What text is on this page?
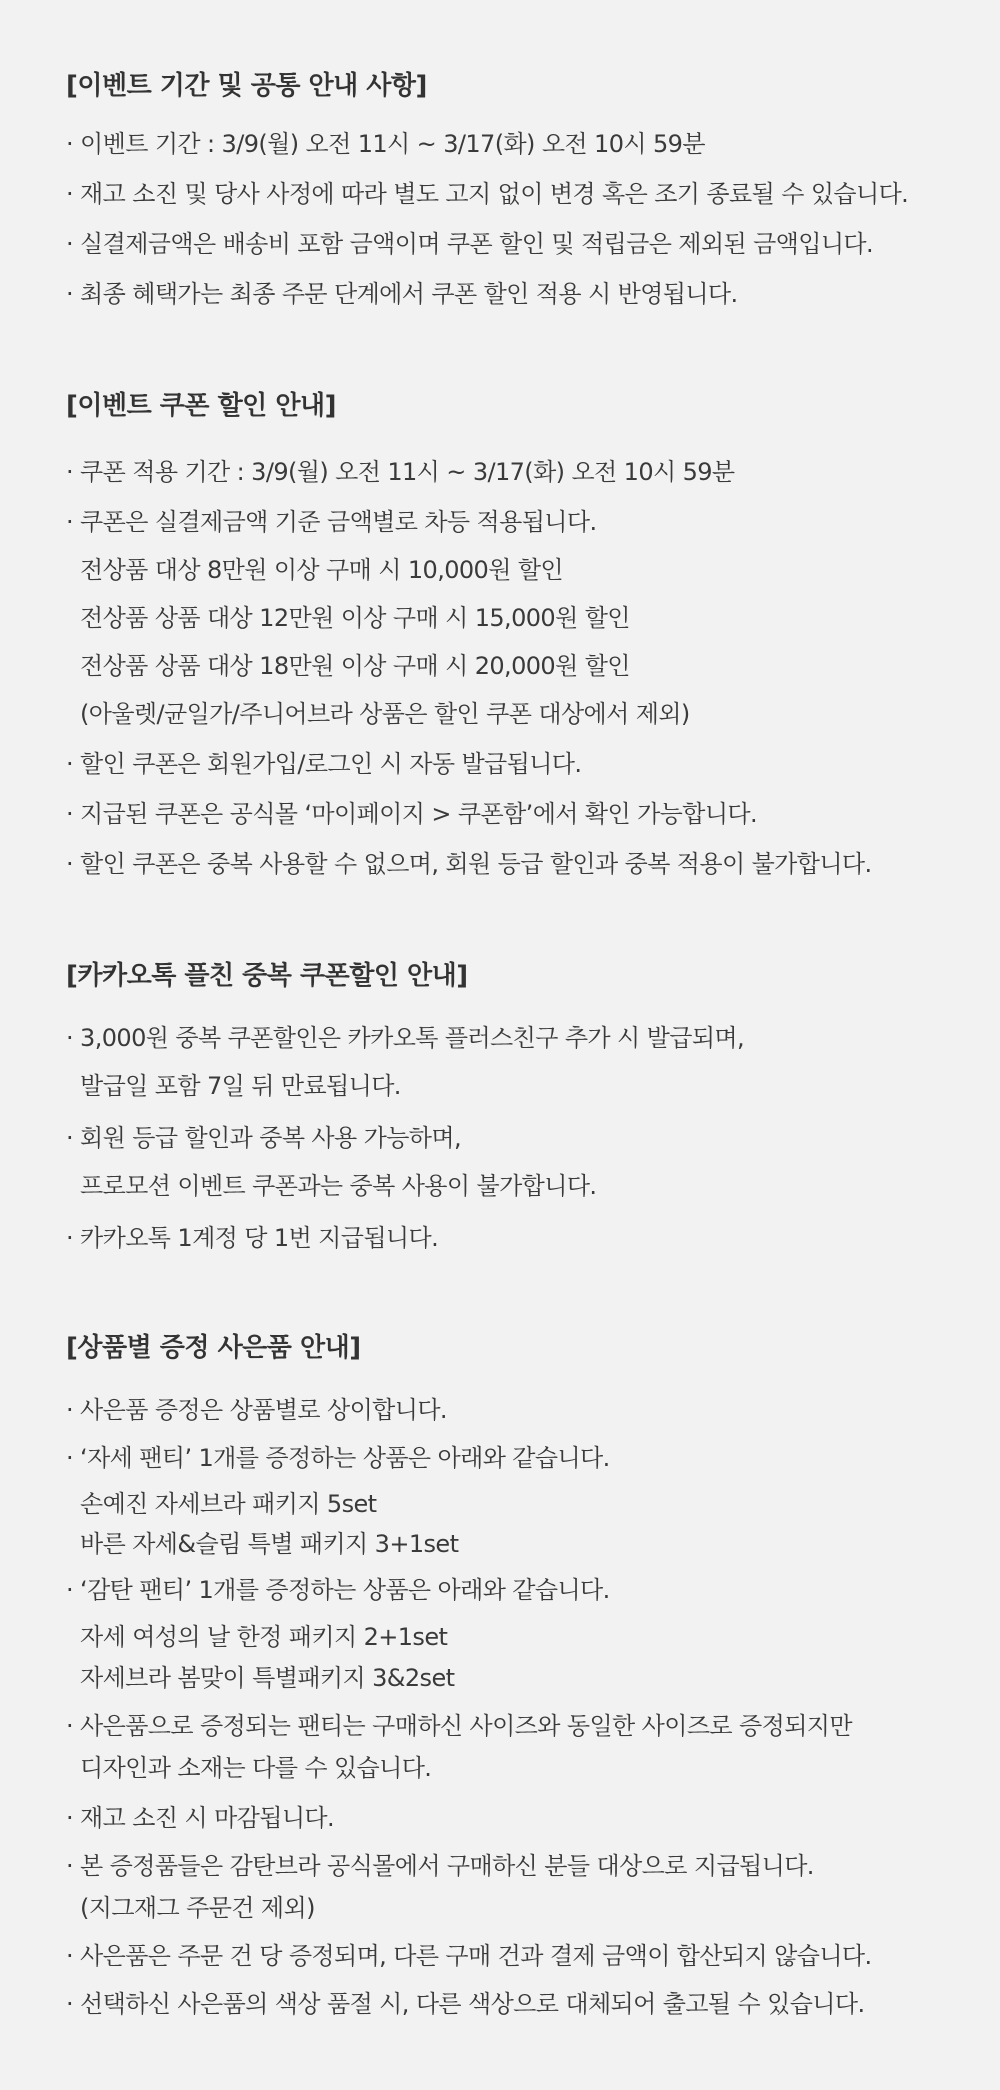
[이벤트 기간 및 공통 안내 사항]
· 이벤트 기간 : 3/9(월) 오전 11시 ~ 3/17(화) 오전 10시 59분
· 재고 소진 및 당사 사정에 따라 별도 고지 없이 변경 혹은 조기 종료될 수 있습니다.
· 실결제금액은 배송비 포함 금액이며 쿠폰 할인 및 적립금은 제외된 금액입니다.
· 최종 혜택가는 최종 주문 단계에서 쿠폰 할인 적용 시 반영됩니다.
[이벤트 쿠폰 할인 안내]
· 쿠폰 적용 기간 : 3/9(월) 오전 11시 ~ 3/17(화) 오전 10시 59분
· 쿠폰은 실결제금액 기준 금액별로 차등 적용됩니다.
전상품 대상 8만원 이상 구매 시 10,000원 할인
전상품 상품 대상 12만원 이상 구매 시 15,000원 할인
전상품 상품 대상 18만원 이상 구매 시 20,000원 할인
(아울렛/균일가/주니어브라 상품은 할인 쿠폰 대상에서 제외)
· 할인 쿠폰은 회원가입/로그인 시 자동 발급됩니다.
· 지급된 쿠폰은 공식몰 ‘마이페이지 > 쿠폰함’에서 확인 가능합니다.
· 할인 쿠폰은 중복 사용할 수 없으며, 회원 등급 할인과 중복 적용이 불가합니다.
[카카오톡 플친 중복 쿠폰할인 안내]
· 3,000원 중복 쿠폰할인은 카카오톡 플러스친구 추가 시 발급되며,
발급일 포함 7일 뒤 만료됩니다.
· 회원 등급 할인과 중복 사용 가능하며,
프로모션 이벤트 쿠폰과는 중복 사용이 불가합니다.
· 카카오톡 1계정 당 1번 지급됩니다.
[상품별 증정 사은품 안내]
· 사은품 증정은 상품별로 상이합니다.
· ‘자세 팬티’ 1개를 증정하는 상품은 아래와 같습니다.
손예진 자세브라 패키지 5set
바른 자세&슬림 특별 패키지 3+1set
· ‘감탄 팬티’ 1개를 증정하는 상품은 아래와 같습니다.
자세 여성의 날 한정 패키지 2+1set
자세브라 봄맞이 특별패키지 3&2set
· 사은품으로 증정되는 팬티는 구매하신 사이즈와 동일한 사이즈로 증정되지만
디자인과 소재는 다를 수 있습니다.
· 재고 소진 시 마감됩니다.
· 본 증정품들은 감탄브라 공식몰에서 구매하신 분들 대상으로 지급됩니다.
(지그재그 주문건 제외)
· 사은품은 주문 건 당 증정되며, 다른 구매 건과 결제 금액이 합산되지 않습니다.
· 선택하신 사은품의 색상 품절 시, 다른 색상으로 대체되어 출고될 수 있습니다.
